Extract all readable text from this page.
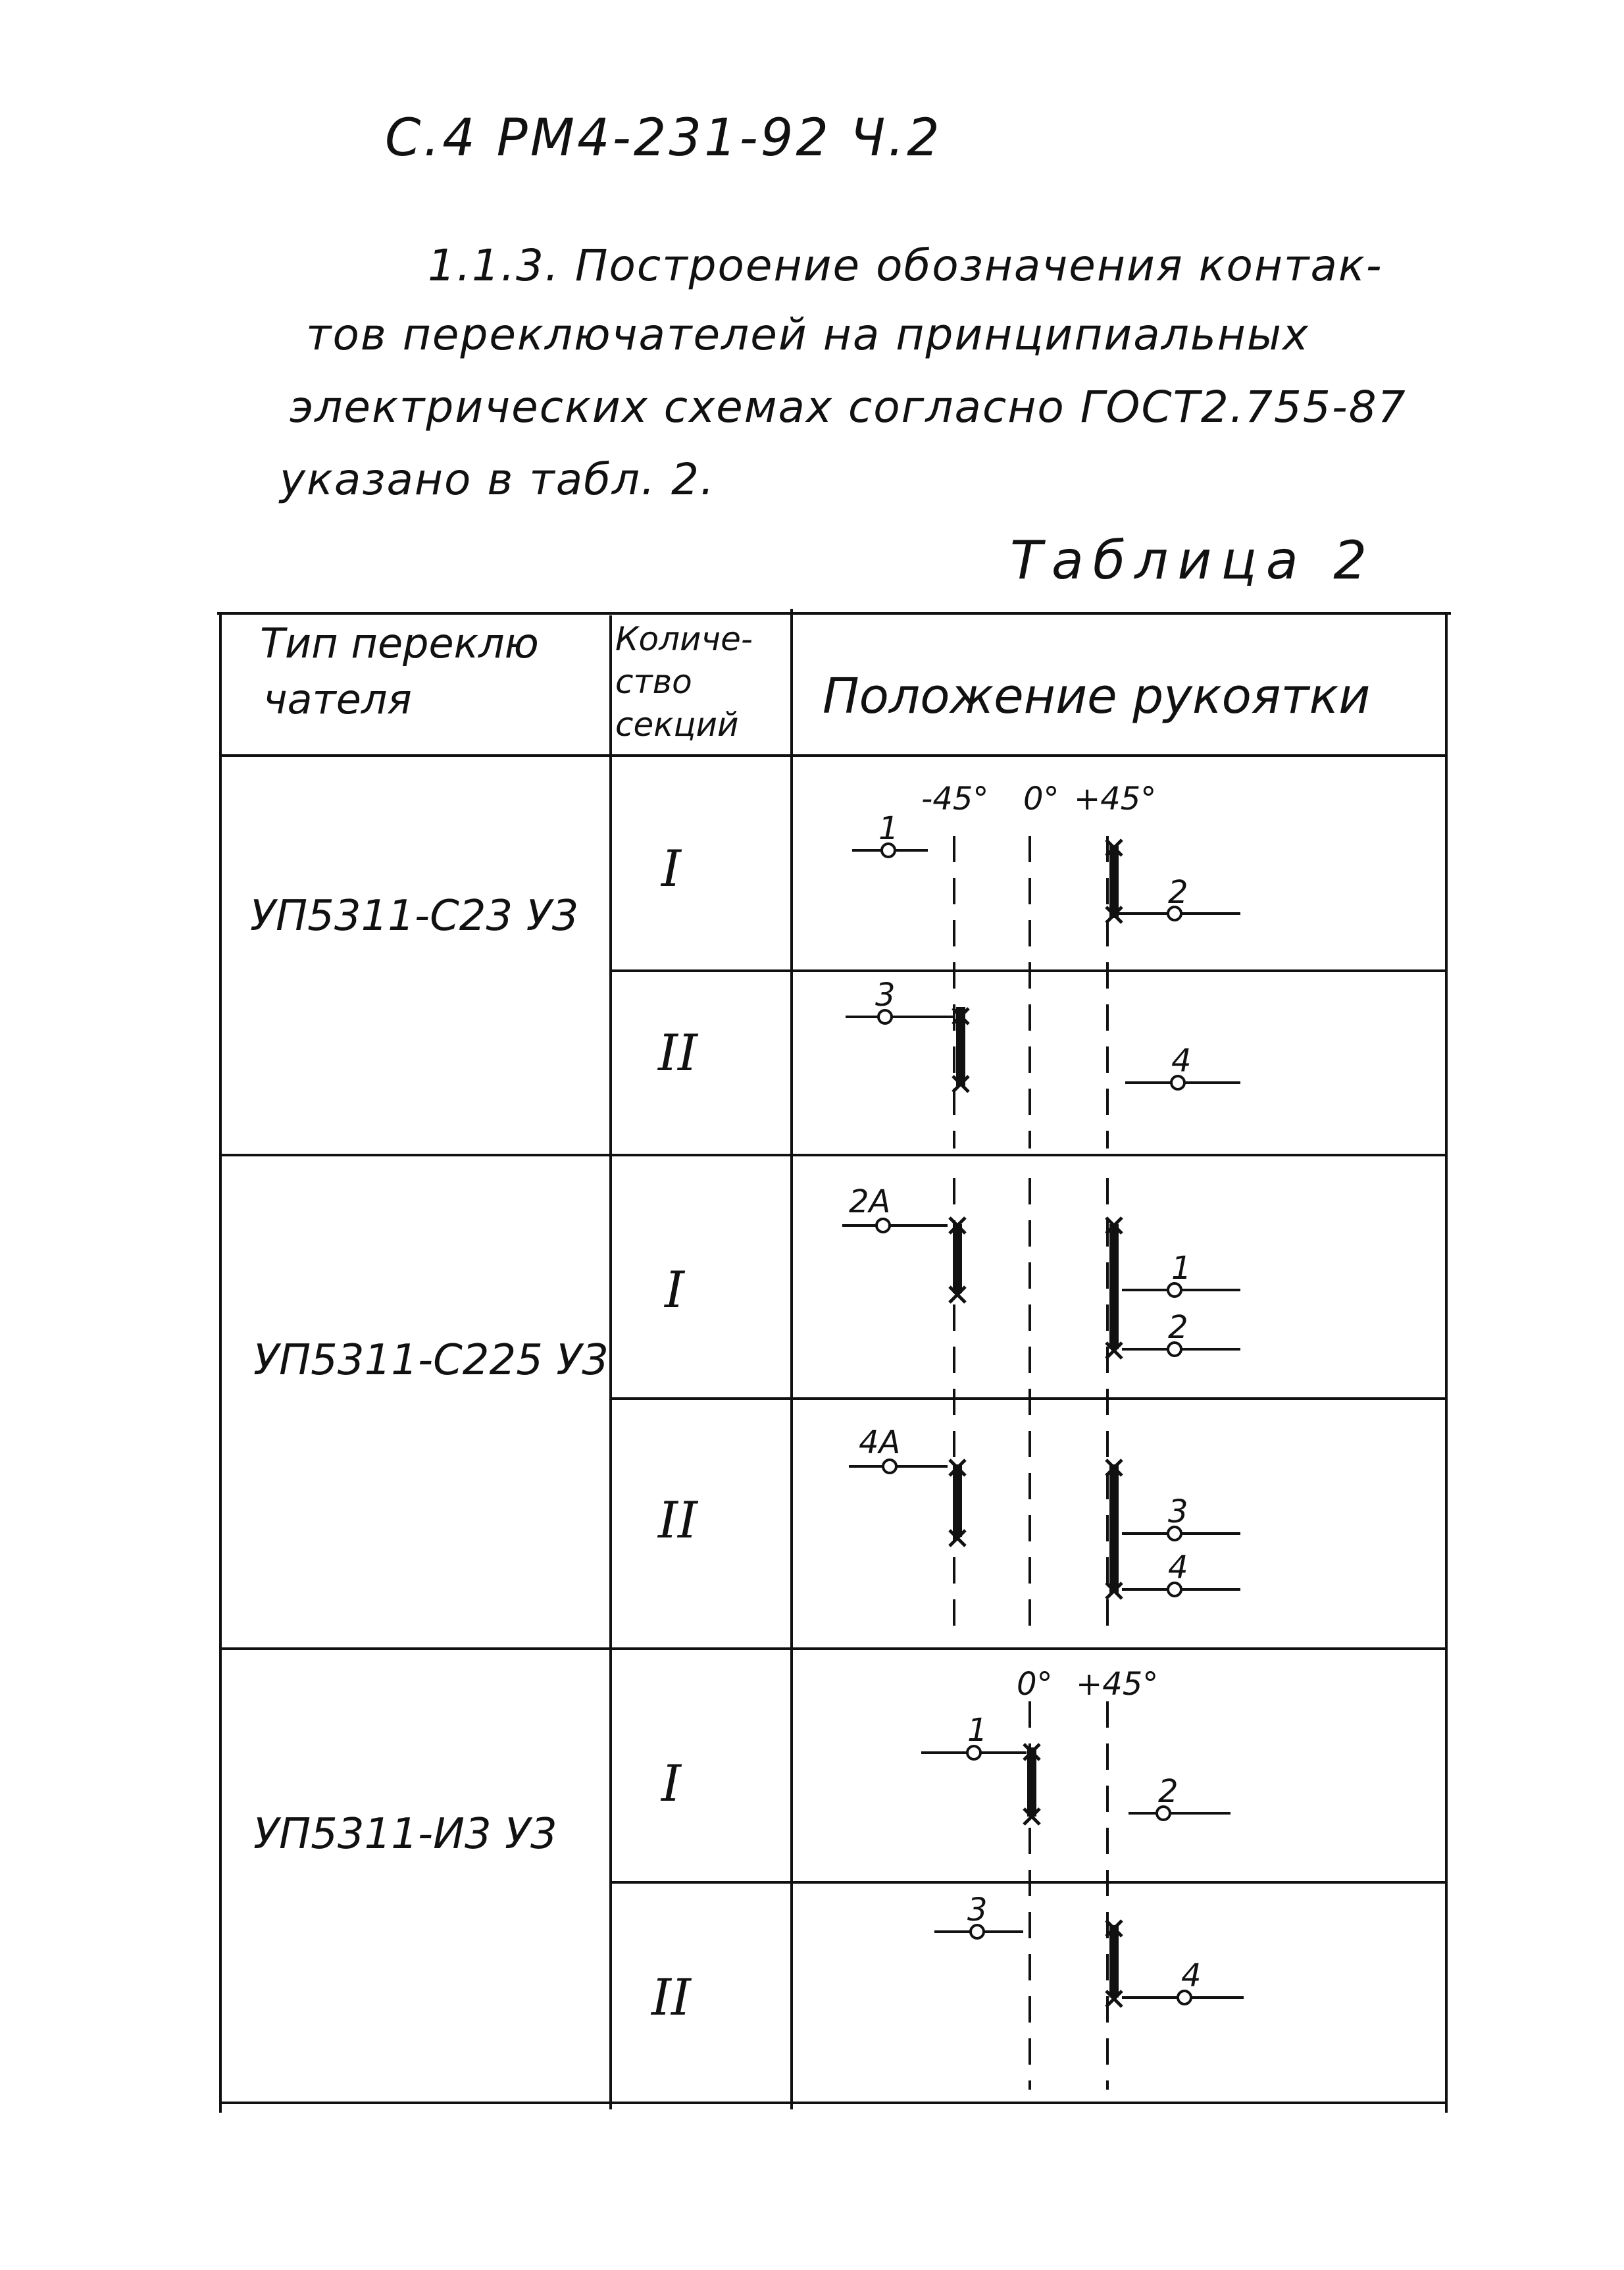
С.4 РМ4-231-92 Ч.2
1.1.3. Построение обозначения контак-
тов переключателей на принципиальных
электрических схемах согласно ГОСТ2.755-87
указано в табл. 2.
Таблица 2
Тип переклю
чателя
Количе-
ство
секций Положение рукоятки
УП5311-С23 У3
УП5311-С225 У3
УП5311-И3 У3
I
II
I
II
I
II
-45° 0° +45°
1
2
3
4
2А
1
2
4А
3
4
0° +45°
1
2
3
4
